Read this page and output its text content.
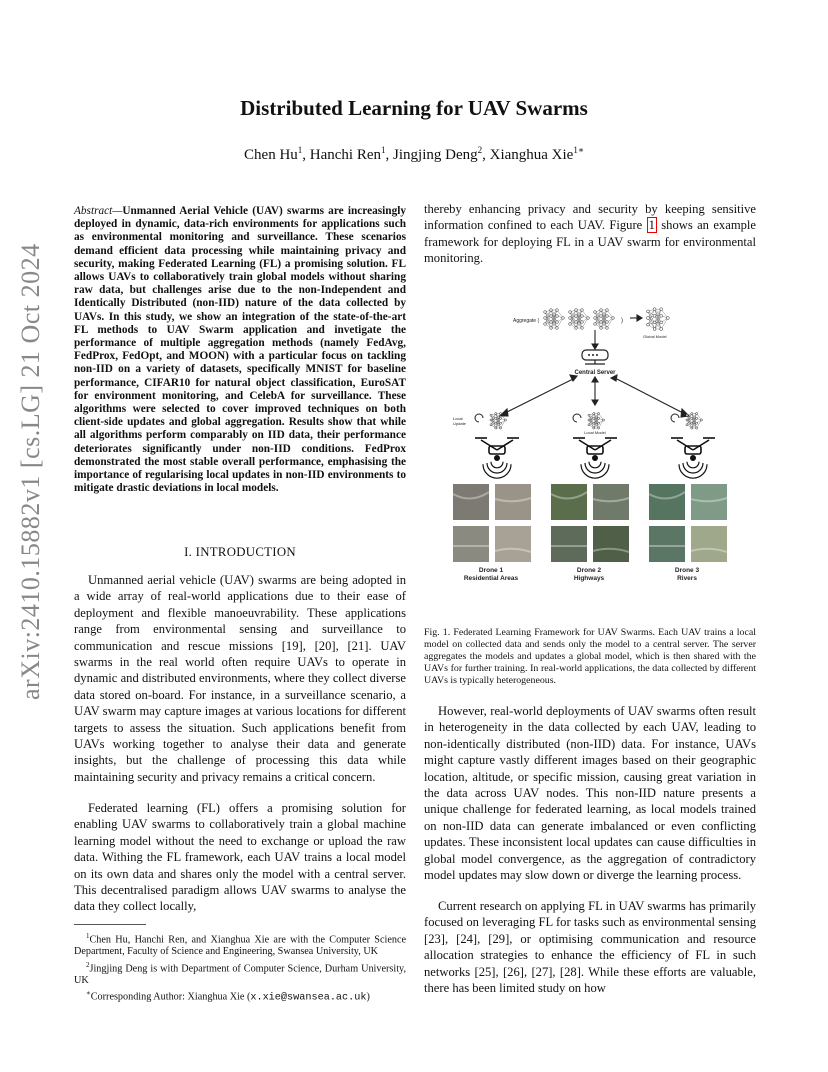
Distributed Learning for UAV Swarms
Chen Hu$^1$, Hanchi Ren$^1$, Jingjing Deng$^2$, Xianghua Xie$^{1∗}$
arXiv:2410.15882v1 [cs.LG] 21 Oct 2024
Abstract—Unmanned Aerial Vehicle (UAV) swarms are increasingly deployed in dynamic, data-rich environments for applications such as environmental monitoring and surveillance. These scenarios demand efficient data processing while maintaining privacy and security, making Federated Learning (FL) a promising solution. FL allows UAVs to collaboratively train global models without sharing raw data, but challenges arise due to the non-Independent and Identically Distributed (non-IID) nature of the data collected by UAVs. In this study, we show an integration of the state-of-the-art FL methods to UAV Swarm application and invetigate the performance of multiple aggregation methods (namely FedAvg, FedProx, FedOpt, and MOON) with a particular focus on tackling non-IID on a variety of datasets, specifically MNIST for baseline performance, CIFAR10 for natural object classification, EuroSAT for environment monitoring, and CelebA for surveillance. These algorithms were selected to cover improved techniques on both client-side updates and global aggregation. Results show that while all algorithms perform comparably on IID data, their performance deteriorates significantly under non-IID conditions. FedProx demonstrated the most stable overall performance, emphasising the importance of regularising local updates in non-IID environments to mitigate drastic deviations in local models.
I. INTRODUCTION
Unmanned aerial vehicle (UAV) swarms are being adopted in a wide array of real-world applications due to their ease of deployment and flexible manoeuvrability. These applications range from environmental sensing and surveillance to communication and rescue missions [19], [20], [21]. UAV swarms in the real world often require UAVs to operate in dynamic and distributed environments, where they collect diverse data stored on-board. For instance, in a surveillance scenario, a UAV swarm may capture images at various locations for different targets to assess the situation. Such applications benefit from UAVs working together to analyse their data and generate insights, but the challenge of processing this data while maintaining security and privacy remains a critical concern.
Federated learning (FL) offers a promising solution for enabling UAV swarms to collaboratively train a global machine learning model without the need to exchange or upload the raw data. Withing the FL framework, each UAV trains a local model on its own data and shares only the model with a central server. This decentralised paradigm allows UAV swarms to analyse the data they collect locally,
$^1$Chen Hu, Hanchi Ren, and Xianghua Xie are with the Computer Science Department, Faculty of Science and Engineering, Swansea University, UK
$^2$Jingjing Deng is with Department of Computer Science, Durham University, UK
∗Corresponding Author: Xianghua Xie (x.xie@swansea.ac.uk)
thereby enhancing privacy and security by keeping sensitive information confined to each UAV. Figure 1 shows an example framework for deploying FL in a UAV swarm for environmental monitoring.
Aggregate (	)
Global Model
Central Server
Local
Update
Local Model
Drone 1
Residential Areas
Drone 2
Highways
Drone 3
Rivers
Fig. 1. Federated Learning Framework for UAV Swarms. Each UAV trains a local model on collected data and sends only the model to a central server. The server aggregates the models and updates a global model, which is then shared with the UAVs for further training. In real-world applications, the data collected by different UAVs is typically heterogeneous.
However, real-world deployments of UAV swarms often result in heterogeneity in the data collected by each UAV, leading to non-identically distributed (non-IID) data. For instance, UAVs might capture vastly different images based on their geographic location, altitude, or specific mission, causing great variation in the data across UAV nodes. This non-IID nature presents a unique challenge for federated learning, as local models trained on non-IID data can generate imbalanced or even conflicting updates. These inconsistent local updates can cause difficulties in global model convergence, as the aggregation of contradictory model updates may slow down or diverge the learning process.
Current research on applying FL in UAV swarms has primarily focused on leveraging FL for tasks such as environmental sensing [23], [24], [29], or optimising communication and resource allocation strategies to enhance the efficiency of FL in such networks [25], [26], [27], [28]. While these efforts are valuable, there has been limited study on how
